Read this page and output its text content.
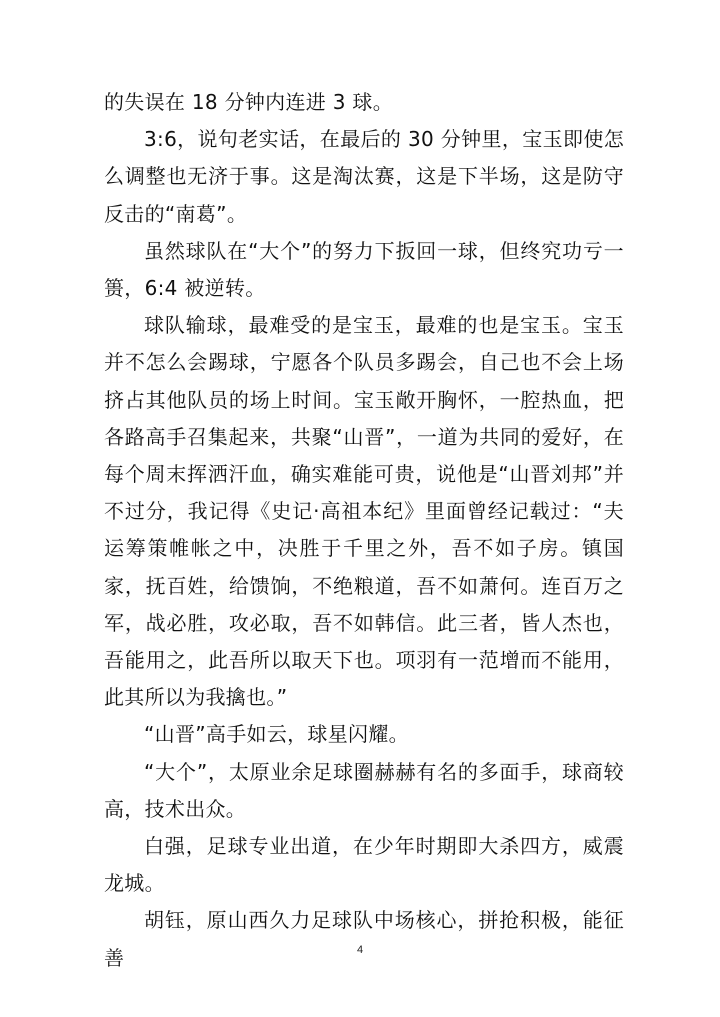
的失误在 18 分钟内连进 3 球。

3:6，说句老实话，在最后的 30 分钟里，宝玉即使怎么调整也无济于事。这是淘汰赛，这是下半场，这是防守反击的“南葛”。

虽然球队在“大个”的努力下扳回一球，但终究功亏一篑，6:4 被逆转。

球队输球，最难受的是宝玉，最难的也是宝玉。宝玉并不怎么会踢球，宁愿各个队员多踢会，自己也不会上场挤占其他队员的场上时间。宝玉敞开胸怀，一腔热血，把各路高手召集起来，共聚“山晋”，一道为共同的爱好，在每个周末挥洒汗血，确实难能可贵，说他是“山晋刘邦”并不过分，我记得《史记·高祖本纪》里面曾经记载过：“夫运筹策帷帐之中，决胜于千里之外，吾不如子房。镇国家，抚百姓，给馈饷，不绝粮道，吾不如萧何。连百万之军，战必胜，攻必取，吾不如韩信。此三者，皆人杰也，吾能用之，此吾所以取天下也。项羽有一范增而不能用，此其所以为我擒也。”

“山晋”高手如云，球星闪耀。

“大个”，太原业余足球圈赫赫有名的多面手，球商较高，技术出众。

白强，足球专业出道，在少年时期即大杀四方，威震龙城。

胡钰，原山西久力足球队中场核心，拼抢积极，能征善	4
